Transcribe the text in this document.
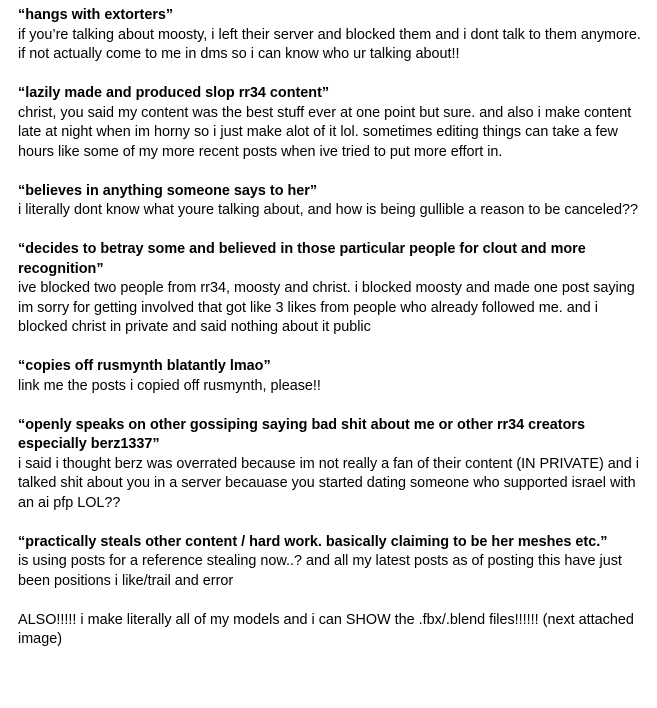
“hangs with extorters”

if you’re talking about moosty, i left their server and blocked them and i dont talk to them anymore. if not actually come to me in dms so i can know who ur talking about!!

“lazily made and produced slop rr34 content”

christ, you said my content was the best stuff ever at one point but sure. and also i make content late at night when im horny so i just make alot of it lol. sometimes editing things can take a few hours like some of my more recent posts when ive tried to put more effort in.

“believes in anything someone says to her”

i literally dont know what youre talking about, and how is being gullible a reason to be canceled??

“decides to betray some and believed in those particular people for clout and more recognition”

ive blocked two people from rr34, moosty and christ. i blocked moosty and made one post saying im sorry for getting involved that got like 3 likes from people who already followed me. and i blocked christ in private and said nothing about it public

“copies off rusmynth blatantly lmao”

link me the posts i copied off rusmynth, please!!

“openly speaks on other gossiping saying bad shit about me or other rr34 creators especially berz1337”

i said i thought berz was overrated because im not really a fan of their content (IN PRIVATE) and i talked shit about you in a server becauase you started dating someone who supported israel with an ai pfp LOL??

“practically steals other content / hard work. basically claiming to be her meshes etc.”

is using posts for a reference stealing now..? and all my latest posts as of posting this have just been positions i like/trail and error

ALSO!!!!! i make literally all of my models and i can SHOW the .fbx/.blend files!!!!!! (next attached image)
